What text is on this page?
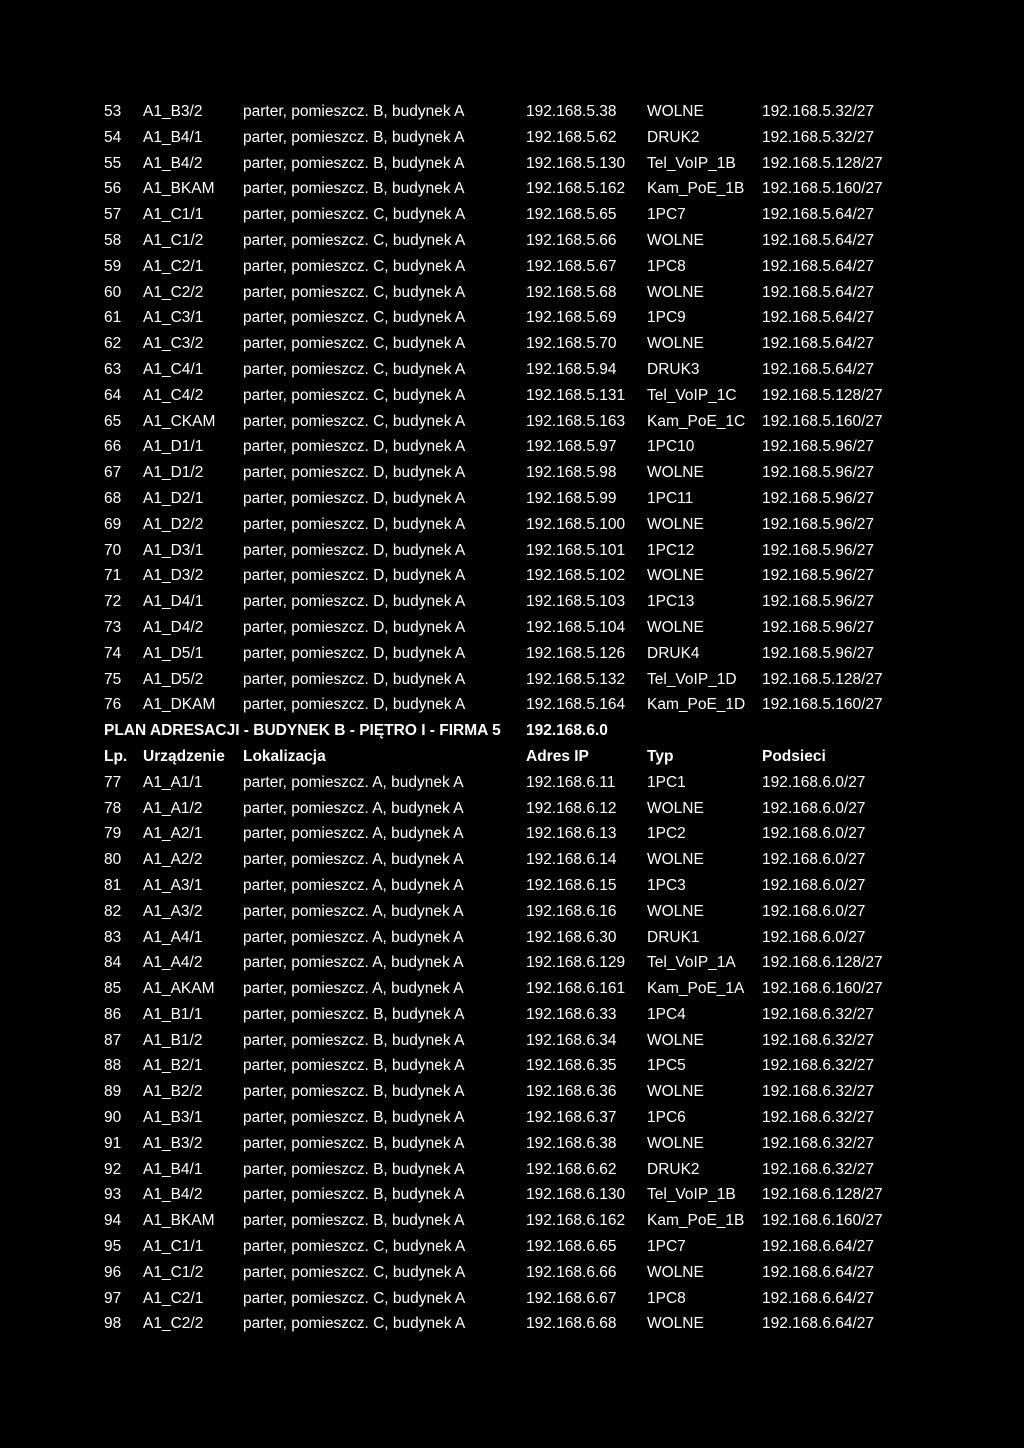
53 A1_B3/2	parter, pomieszcz. B, budynek A	192.168.5.38 WOLNE	192.168.5.32/27
54 A1_B4/1	parter, pomieszcz. B, budynek A	192.168.5.62 DRUK2	192.168.5.32/27
55 A1_B4/2	parter, pomieszcz. B, budynek A	192.168.5.130 Tel_VoIP_1B 192.168.5.128/27
56 A1_BKAM parter, pomieszcz. B, budynek A	192.168.5.162 Kam_PoE_1B 192.168.5.160/27
57 A1_C1/1	parter, pomieszcz. C, budynek A	192.168.5.65 1PC7	192.168.5.64/27
58 A1_C1/2	parter, pomieszcz. C, budynek A	192.168.5.66 WOLNE	192.168.5.64/27
59 A1_C2/1	parter, pomieszcz. C, budynek A	192.168.5.67 1PC8	192.168.5.64/27
60 A1_C2/2	parter, pomieszcz. C, budynek A	192.168.5.68 WOLNE	192.168.5.64/27
61 A1_C3/1	parter, pomieszcz. C, budynek A	192.168.5.69 1PC9	192.168.5.64/27
62 A1_C3/2	parter, pomieszcz. C, budynek A	192.168.5.70 WOLNE	192.168.5.64/27
63 A1_C4/1	parter, pomieszcz. C, budynek A	192.168.5.94 DRUK3	192.168.5.64/27
64 A1_C4/2	parter, pomieszcz. C, budynek A	192.168.5.131 Tel_VoIP_1C 192.168.5.128/27
65 A1_CKAM parter, pomieszcz. C, budynek A	192.168.5.163 Kam_PoE_1C 192.168.5.160/27
66 A1_D1/1	parter, pomieszcz. D, budynek A	192.168.5.97 1PC10	192.168.5.96/27
67 A1_D1/2	parter, pomieszcz. D, budynek A	192.168.5.98 WOLNE	192.168.5.96/27
68 A1_D2/1	parter, pomieszcz. D, budynek A	192.168.5.99 1PC11	192.168.5.96/27
69 A1_D2/2	parter, pomieszcz. D, budynek A	192.168.5.100 WOLNE	192.168.5.96/27
70 A1_D3/1	parter, pomieszcz. D, budynek A	192.168.5.101 1PC12	192.168.5.96/27
71 A1_D3/2	parter, pomieszcz. D, budynek A	192.168.5.102 WOLNE	192.168.5.96/27
72 A1_D4/1	parter, pomieszcz. D, budynek A	192.168.5.103 1PC13	192.168.5.96/27
73 A1_D4/2	parter, pomieszcz. D, budynek A	192.168.5.104 WOLNE	192.168.5.96/27
74 A1_D5/1	parter, pomieszcz. D, budynek A	192.168.5.126 DRUK4	192.168.5.96/27
75 A1_D5/2	parter, pomieszcz. D, budynek A	192.168.5.132 Tel_VoIP_1D 192.168.5.128/27
76 A1_DKAM parter, pomieszcz. D, budynek A	192.168.5.164 Kam_PoE_1D 192.168.5.160/27
PLAN ADRESACJI - BUDYNEK B - PIĘTRO I - FIRMA 5 192.168.6.0
Lp. Urządzenie Lokalizacja	Adres IP	Typ	Podsieci
77 A1_A1/1	parter, pomieszcz. A, budynek A	192.168.6.11 1PC1	192.168.6.0/27
78 A1_A1/2	parter, pomieszcz. A, budynek A	192.168.6.12 WOLNE	192.168.6.0/27
79 A1_A2/1	parter, pomieszcz. A, budynek A	192.168.6.13 1PC2	192.168.6.0/27
80 A1_A2/2	parter, pomieszcz. A, budynek A	192.168.6.14 WOLNE	192.168.6.0/27
81 A1_A3/1	parter, pomieszcz. A, budynek A	192.168.6.15 1PC3	192.168.6.0/27
82 A1_A3/2	parter, pomieszcz. A, budynek A	192.168.6.16 WOLNE	192.168.6.0/27
83 A1_A4/1	parter, pomieszcz. A, budynek A	192.168.6.30 DRUK1	192.168.6.0/27
84 A1_A4/2	parter, pomieszcz. A, budynek A	192.168.6.129 Tel_VoIP_1A 192.168.6.128/27
85 A1_AKAM parter, pomieszcz. A, budynek A	192.168.6.161 Kam_PoE_1A 192.168.6.160/27
86 A1_B1/1	parter, pomieszcz. B, budynek A	192.168.6.33 1PC4	192.168.6.32/27
87 A1_B1/2	parter, pomieszcz. B, budynek A	192.168.6.34 WOLNE	192.168.6.32/27
88 A1_B2/1	parter, pomieszcz. B, budynek A	192.168.6.35 1PC5	192.168.6.32/27
89 A1_B2/2	parter, pomieszcz. B, budynek A	192.168.6.36 WOLNE	192.168.6.32/27
90 A1_B3/1	parter, pomieszcz. B, budynek A	192.168.6.37 1PC6	192.168.6.32/27
91 A1_B3/2	parter, pomieszcz. B, budynek A	192.168.6.38 WOLNE	192.168.6.32/27
92 A1_B4/1	parter, pomieszcz. B, budynek A	192.168.6.62 DRUK2	192.168.6.32/27
93 A1_B4/2	parter, pomieszcz. B, budynek A	192.168.6.130 Tel_VoIP_1B 192.168.6.128/27
94 A1_BKAM parter, pomieszcz. B, budynek A	192.168.6.162 Kam_PoE_1B 192.168.6.160/27
95 A1_C1/1	parter, pomieszcz. C, budynek A	192.168.6.65 1PC7	192.168.6.64/27
96 A1_C1/2	parter, pomieszcz. C, budynek A	192.168.6.66 WOLNE	192.168.6.64/27
97 A1_C2/1	parter, pomieszcz. C, budynek A	192.168.6.67 1PC8	192.168.6.64/27
98 A1_C2/2	parter, pomieszcz. C, budynek A	192.168.6.68 WOLNE	192.168.6.64/27
